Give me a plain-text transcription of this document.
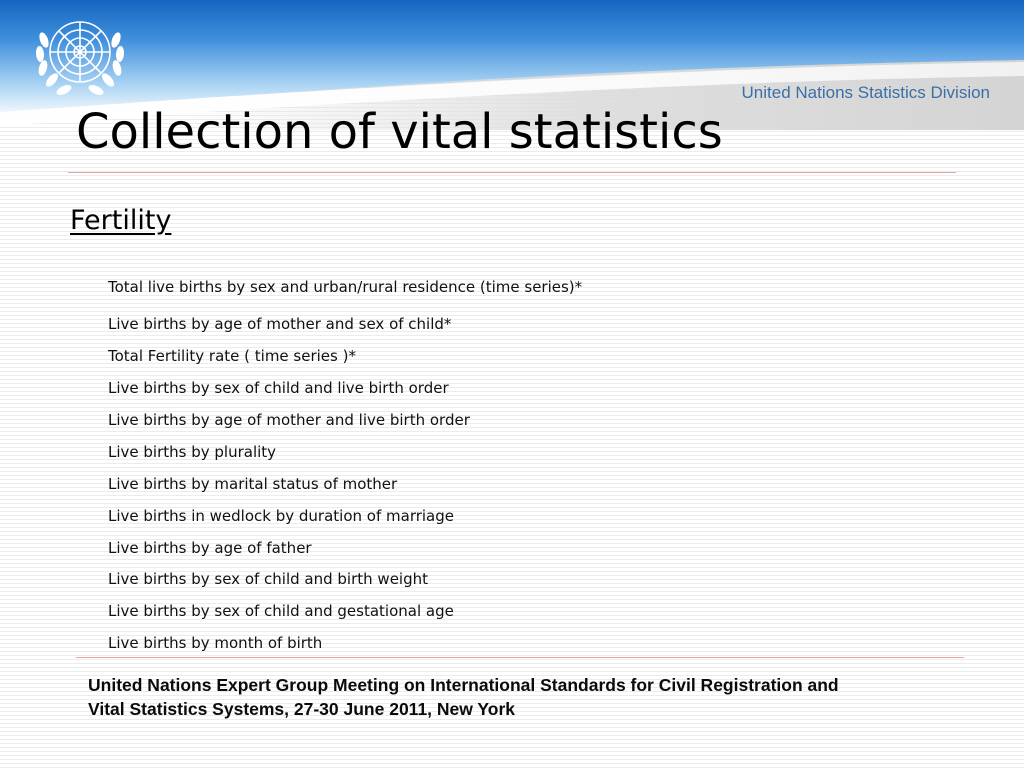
United Nations Statistics Division
Collection of vital statistics
Fertility
Total live births by sex and urban/rural residence (time series)*
Live births by age of mother and sex of child*
Total Fertility rate ( time series )*
Live births by sex of child and live birth order
Live births by age of mother and live birth order
Live births by plurality
Live births by marital status of mother
Live births in wedlock by duration of marriage
Live births by age of father
Live births by sex of child and birth weight
Live births by sex of child and gestational age
Live births by month of birth

United Nations Expert Group Meeting on International Standards for Civil Registration and
Vital Statistics Systems, 27-30 June 2011, New York
